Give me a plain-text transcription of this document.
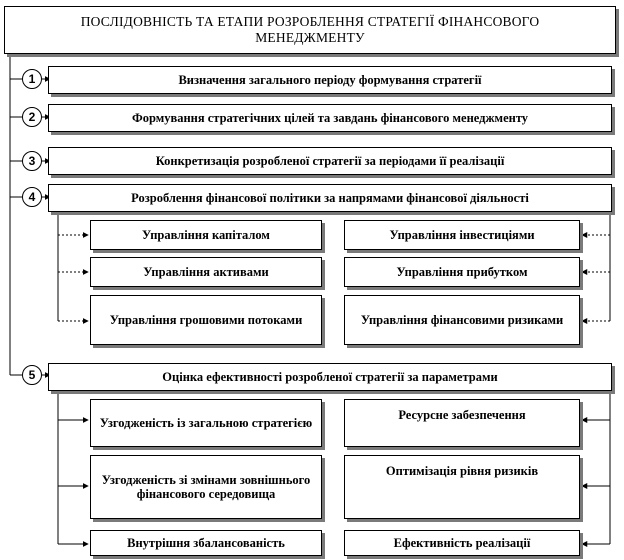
ПОСЛІДОВНІСТЬ ТА ЕТАПИ РОЗРОБЛЕННЯ СТРАТЕГІЇ ФІНАНСОВОГО МЕНЕДЖМЕНТУ
1
2
3
4
5
Визначення загального періоду формування стратегії
Формування стратегічних цілей та завдань фінансового менеджменту
Конкретизація розробленої стратегії за періодами її реалізації
Розроблення фінансової політики за напрямами фінансової діяльності
Оцінка ефективності розробленої стратегії за параметрами
Управління капіталом	Управління інвестиціями
Управління активами	Управління прибутком
Управління грошовими потоками	Управління фінансовими ризиками
Узгодженість із загальною стратегією
Ресурсне забезпечення
Узгодженість зі змінами зовнішнього фінансового середовища
Оптимізація рівня ризиків
Внутрішня збалансованість	Ефективність реалізації
